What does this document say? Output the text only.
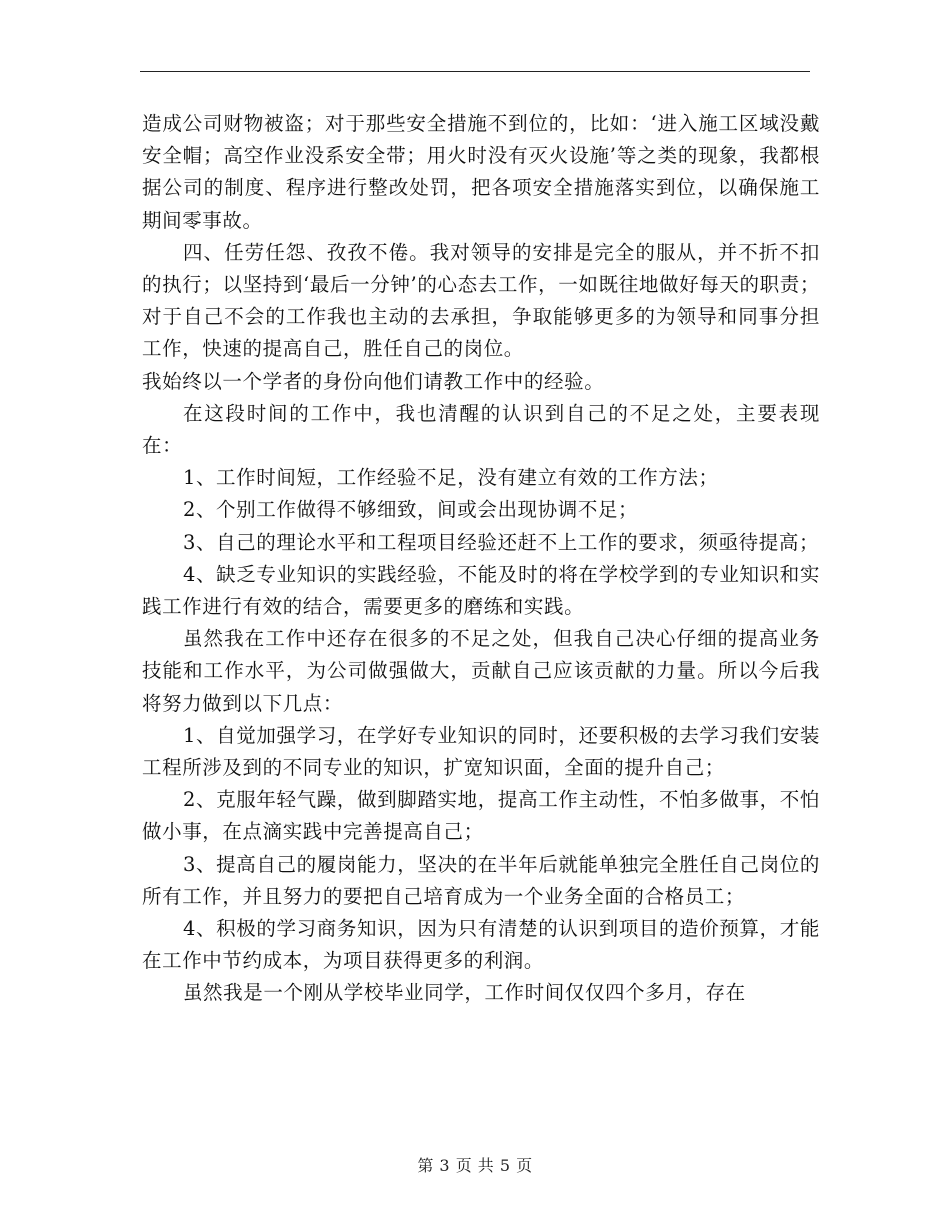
造成公司财物被盗；对于那些安全措施不到位的，比如：‘进入施工区域没戴安全帽；高空作业没系安全带；用火时没有灭火设施’等之类的现象，我都根据公司的制度、程序进行整改处罚，把各项安全措施落实到位，以确保施工期间零事故。

四、任劳任怨、孜孜不倦。我对领导的安排是完全的服从，并不折不扣的执行；以坚持到‘最后一分钟’的心态去工作，一如既往地做好每天的职责；对于自己不会的工作我也主动的去承担，争取能够更多的为领导和同事分担工作，快速的提高自己，胜任自己的岗位。
我始终以一个学者的身份向他们请教工作中的经验。

在这段时间的工作中，我也清醒的认识到自己的不足之处，主要表现在：

1、工作时间短，工作经验不足，没有建立有效的工作方法；

2、个别工作做得不够细致，间或会出现协调不足；

3、自己的理论水平和工程项目经验还赶不上工作的要求，须亟待提高；

4、缺乏专业知识的实践经验，不能及时的将在学校学到的专业知识和实践工作进行有效的结合，需要更多的磨练和实践。

虽然我在工作中还存在很多的不足之处，但我自己决心仔细的提高业务技能和工作水平，为公司做强做大，贡献自己应该贡献的力量。所以今后我将努力做到以下几点：

1、自觉加强学习，在学好专业知识的同时，还要积极的去学习我们安装工程所涉及到的不同专业的知识，扩宽知识面，全面的提升自己；

2、克服年轻气躁，做到脚踏实地，提高工作主动性，不怕多做事，不怕做小事，在点滴实践中完善提高自己；

3、提高自己的履岗能力，坚决的在半年后就能单独完全胜任自己岗位的所有工作，并且努力的要把自己培育成为一个业务全面的合格员工；

4、积极的学习商务知识，因为只有清楚的认识到项目的造价预算，才能在工作中节约成本，为项目获得更多的利润。

虽然我是一个刚从学校毕业同学，工作时间仅仅四个多月，存在

第 3 页 共 5 页
